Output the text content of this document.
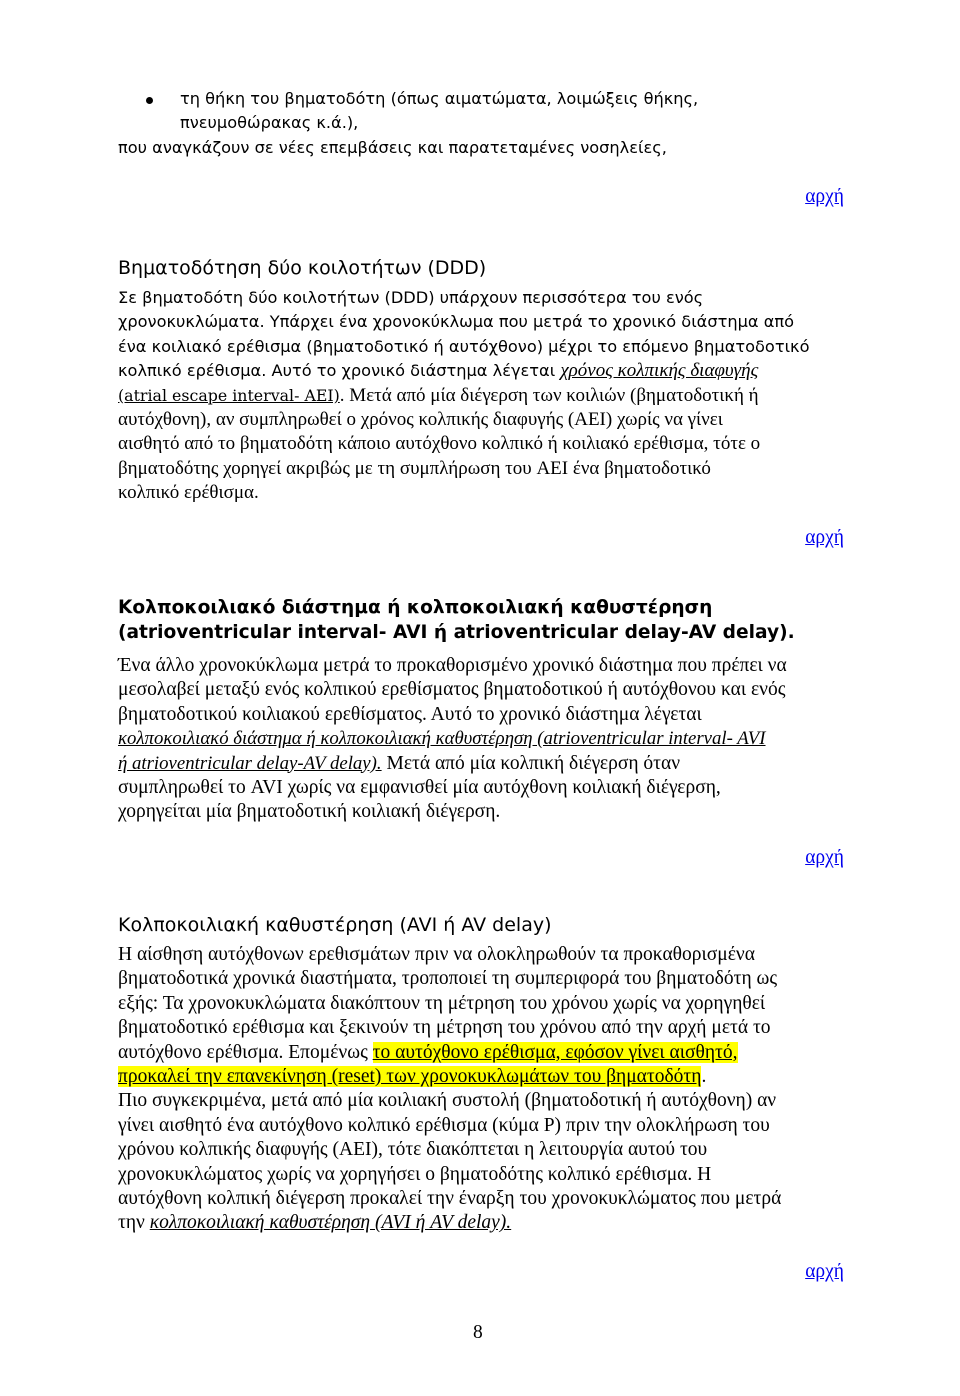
τη θήκη του βηματοδότη (όπως αιματώματα, λοιμώξεις θήκης,
πνευμοθώρακας κ.ά.),

που αναγκάζουν σε νέες επεμβάσεις και παρατεταμένες νοσηλείες,

αρχή
Βηματοδότηση δύο κοιλοτήτων (DDD)

Σε βηματοδότη δύο κοιλοτήτων (DDD) υπάρχουν περισσότερα του ενός
χρονοκυκλώματα. Υπάρχει ένα χρονοκύκλωμα που μετρά το χρονικό διάστημα από
ένα κοιλιακό ερέθισμα (βηματοδοτικό ή αυτόχθονο) μέχρι το επόμενο βηματοδοτικό
κολπικό ερέθισμα. Αυτό το χρονικό διάστημα λέγεται χρόνος κολπικής διαφυγής
(atrial escape interval- AEI). Μετά από μία διέγερση των κοιλιών (βηματοδοτική ή
αυτόχθονη), αν συμπληρωθεί ο χρόνος κολπικής διαφυγής (AEI) χωρίς να γίνει
αισθητό από το βηματοδότη κάποιο αυτόχθονο κολπικό ή κοιλιακό ερέθισμα, τότε ο
βηματοδότης χορηγεί ακριβώς με τη συμπλήρωση του AEI ένα βηματοδοτικό
κολπικό ερέθισμα.

αρχή
Κολποκοιλιακό διάστημα ή κολποκοιλιακή καθυστέρηση
(atrioventricular interval- AVI ή atrioventricular delay-AV delay).

Ένα άλλο χρονοκύκλωμα μετρά το προκαθορισμένο χρονικό διάστημα που πρέπει να
μεσολαβεί μεταξύ ενός κολπικού ερεθίσματος βηματοδοτικού ή αυτόχθονου και ενός
βηματοδοτικού κοιλιακού ερεθίσματος. Αυτό το χρονικό διάστημα λέγεται
κολποκοιλιακό διάστημα ή κολποκοιλιακή καθυστέρηση (atrioventricular interval- AVI
ή atrioventricular delay-AV delay). Μετά από μία κολπική διέγερση όταν
συμπληρωθεί το AVI χωρίς να εμφανισθεί μία αυτόχθονη κοιλιακή διέγερση,
χορηγείται μία βηματοδοτική κοιλιακή διέγερση.

αρχή
Κολποκοιλιακή καθυστέρηση (AVI ή AV delay)

Η αίσθηση αυτόχθονων ερεθισμάτων πριν να ολοκληρωθούν τα προκαθορισμένα
βηματοδοτικά χρονικά διαστήματα, τροποποιεί τη συμπεριφορά του βηματοδότη ως
εξής: Τα χρονοκυκλώματα διακόπτουν τη μέτρηση του χρόνου χωρίς να χορηγηθεί
βηματοδοτικό ερέθισμα και ξεκινούν τη μέτρηση του χρόνου από την αρχή μετά το
αυτόχθονο ερέθισμα. Επομένως το αυτόχθονο ερέθισμα, εφόσον γίνει αισθητό,
προκαλεί την επανεκίνηση (reset) των χρονοκυκλωμάτων του βηματοδότη.
Πιο συγκεκριμένα, μετά από μία κοιλιακή συστολή (βηματοδοτική ή αυτόχθονη) αν
γίνει αισθητό ένα αυτόχθονο κολπικό ερέθισμα (κύμα P) πριν την ολοκλήρωση του
χρόνου κολπικής διαφυγής (AEI), τότε διακόπτεται η λειτουργία αυτού του
χρονοκυκλώματος χωρίς να χορηγήσει ο βηματοδότης κολπικό ερέθισμα. Η
αυτόχθονη κολπική διέγερση προκαλεί την έναρξη του χρονοκυκλώματος που μετρά
την κολποκοιλιακή καθυστέρηση (AVI ή AV delay).

αρχή
8
